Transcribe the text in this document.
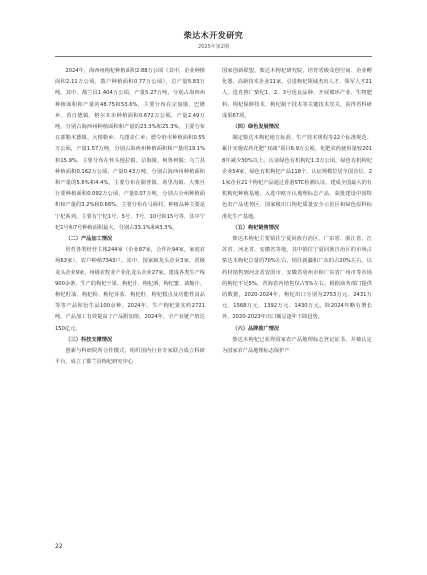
柴达木开发研究
2025年第2期

2024年，海西州枸杞种植面积2.88万公顷（其中，企业种植面积2.11万公顷，散户种植面积0.77万公顷），总产量5.83万吨。其中，都兰县1.404万公顷，产量5.27万吨，分别占海西州种植面积和产量的48.75和53.6%，主要分布在宗加镇、巴隆乡、香日德镇、格尔木市种植面积0.672万公顷，产量2.49万吨，分别占海西州种植面积和产量的23.3%和25.3%，主要分布在郭勒木德镇、大格勒乡、乌图美仁乡；德令哈市种植面积0.55万公顷，产量1.57万吨，分别占海西州种植面积和产量的19.1%和15.9%，主要分布在怀头他拉镇、尕海镇、柯鲁柯镇；乌兰县种植面积0.162万公顷，产量0.43万吨，分别占海西州种植面积和产量的5.6%和4.4%，主要分布在铜普镇、希里沟镇、大柴旦行委种植面积0.092万公顷，产量0.07万吨，分别占全州种植面积和产量的3.2%和0.66%，主要分布在马海村。种植品种主要是宁杞系列，主要有宁杞1号、5号、7号、10号和15号等，其中宁杞1号和7号种植面积最大，分别占33.1%和43.3%。

（二）产品加工情况

培育各类经营主体244家（企业87家，合作社94家，家庭农场63家），农户种植7343户。其中，国家级龙头企业3家，省级龙头企业9家，州级农牧业产业化龙头企业27家。建成各类生产线900余条，生产的枸杞干果、枸杞汁、枸杞酒、枸杞蜜、浓缩汁、枸杞籽油、枸杞粉、枸杞芽茶、枸杞籽、枸杞糕点及功能性食品等等产品和衍生品100余种。2024年，生产枸杞果实约2721吨，产品加工有效提高了产品附加值，2024年，全产业链产值达150亿元。

（三）科技支撑情况

创新与科研院所合作模式，组织国内行业专家联合成立科研平台，成立了都兰县枸杞研究中心

国家创新联盟、柴达木枸杞研究院，培育省级众创空间、企业孵化器、高新技术企业11家，引进枸杞领域杰出人才、领军人才21人。选育推广柴杞1、2、3号优良品种，开展循环产业、生物肥料、枸杞保鲜技术、枸杞制干技术等关键技术攻关，获得省科研成果67项。

（四）绿色发展情况

制定柴达木枸杞地方标准、生产技术规程等22个标准规范。累计实施农药化肥“双减”项目6.9万公顷，化肥农药使用量较2018年减少30%以上。认证绿色有机枸杞1.3万公顷，绿色有机枸杞企业54家，绿色有机枸杞产品118个，认证规模位居全国首位。21家企业21个枸杞产品通过香港STC检测认证。建成全国最大的有机枸杞种植基地，入选中欧互认地理标志产品，获批建设中国特色农产品优势区、国家级出口枸杞质量安全示范区和绿色原料标准化生产基地。

（五）枸杞销售情况

柴达木枸杞主要销往宁夏回族自治区、广东省、浙江省、江苏省、河北省、安徽省等地，其中销往宁夏回族自治区的市场占柴达木枸杞总量的70%左右，销往新疆和广东的占20%左右，以药材销售到河北省安国市、安徽省亳州市和广东省广州市等市场的枸杞不足5%，青海省内销售仅占5%左右。根据商务部门提供的数据，2020-2024年，枸杞出口分别为2753万元、2431万元、1568万元、1392万元、1430万元。除2024年略有增长外，2020-2023年出口额呈逐年下降趋势。

（六）品牌推广情况

柴达木枸杞已获得国家农产品地理标志登记证书，并被认定为国家农产品地理标志保护产

22
